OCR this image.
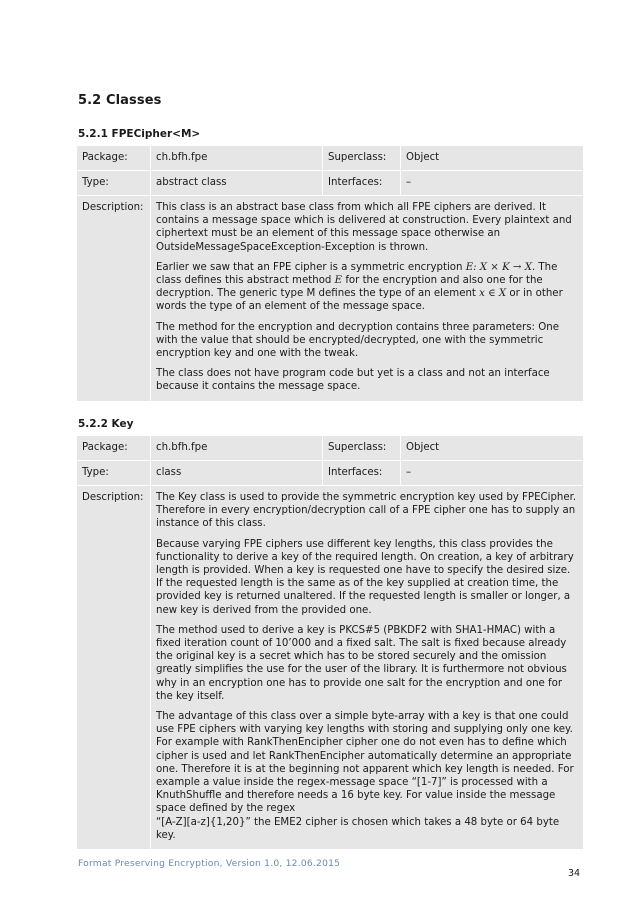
5.2 Classes
5.2.1 FPECipher<M>
Package:	ch.bfh.fpe	Superclass:	Object
Type:	abstract class	Interfaces:	–
Description:	This class is an abstract base class from which all FPE ciphers are derived. It contains a message space which is delivered at construction. Every plaintext and ciphertext must be an element of this message space otherwise an OutsideMessageSpaceException-Exception is thrown.

Earlier we saw that an FPE cipher is a symmetric encryption E: X × K → X. The class defines this abstract method E for the encryption and also one for the decryption. The generic type M defines the type of an element x ∈ X or in other words the type of an element of the message space.

The method for the encryption and decryption contains three parameters: One with the value that should be encrypted/decrypted, one with the symmetric encryption key and one with the tweak.

The class does not have program code but yet is a class and not an interface because it contains the message space.		

5.2.2 Key
Package:	ch.bfh.fpe	Superclass:	Object
Type:	class	Interfaces:	–
Description:	The Key class is used to provide the symmetric encryption key used by FPECipher. Therefore in every encryption/decryption call of a FPE cipher one has to supply an instance of this class.

Because varying FPE ciphers use different key lengths, this class provides the functionality to derive a key of the required length. On creation, a key of arbitrary length is provided. When a key is requested one have to specify the desired size. If the requested length is the same as of the key supplied at creation time, the provided key is returned unaltered. If the requested length is smaller or longer, a new key is derived from the provided one.

The method used to derive a key is PKCS#5 (PBKDF2 with SHA1-HMAC) with a fixed iteration count of 10’000 and a fixed salt. The salt is fixed because already the original key is a secret which has to be stored securely and the omission greatly simplifies the use for the user of the library. It is furthermore not obvious why in an encryption one has to provide one salt for the encryption and one for the key itself.

The advantage of this class over a simple byte-array with a key is that one could use FPE ciphers with varying key lengths with storing and supplying only one key. For example with RankThenEncipher cipher one do not even has to define which cipher is used and let RankThenEncipher automatically determine an appropriate one. Therefore it is at the beginning not apparent which key length is needed. For example a value inside the regex-message space “[1-7]” is processed with a KnuthShuffle and therefore needs a 16 byte key. For value inside the message space defined by the regex
“[A-Z][a-z]{1,20}” the EME2 cipher is chosen which takes a 48 byte or 64 byte key.		

Format Preserving Encryption, Version 1.0, 12.06.2015

34
